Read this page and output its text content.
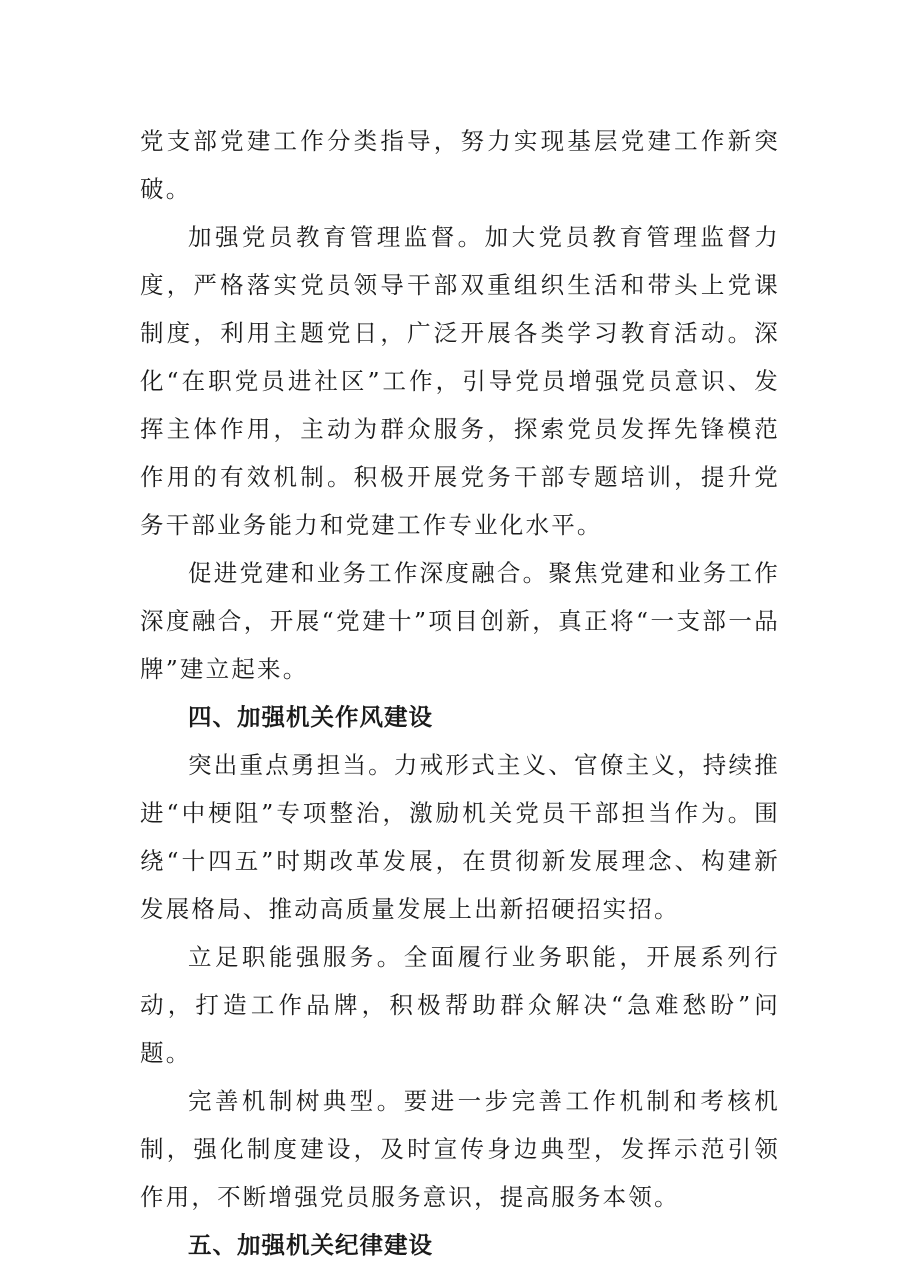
党支部党建工作分类指导，努力实现基层党建工作新突破。

加强党员教育管理监督。加大党员教育管理监督力度，严格落实党员领导干部双重组织生活和带头上党课制度，利用主题党日，广泛开展各类学习教育活动。深化“在职党员进社区”工作，引导党员增强党员意识、发挥主体作用，主动为群众服务，探索党员发挥先锋模范作用的有效机制。积极开展党务干部专题培训，提升党务干部业务能力和党建工作专业化水平。

促进党建和业务工作深度融合。聚焦党建和业务工作深度融合，开展“党建十”项目创新，真正将“一支部一品牌”建立起来。

四、加强机关作风建设

突出重点勇担当。力戒形式主义、官僚主义，持续推进“中梗阻”专项整治，激励机关党员干部担当作为。围绕“十四五”时期改革发展，在贯彻新发展理念、构建新发展格局、推动高质量发展上出新招硬招实招。

立足职能强服务。全面履行业务职能，开展系列行动，打造工作品牌，积极帮助群众解决“急难愁盼”问题。

完善机制树典型。要进一步完善工作机制和考核机制，强化制度建设，及时宣传身边典型，发挥示范引领作用，不断增强党员服务意识，提高服务本领。

五、加强机关纪律建设
